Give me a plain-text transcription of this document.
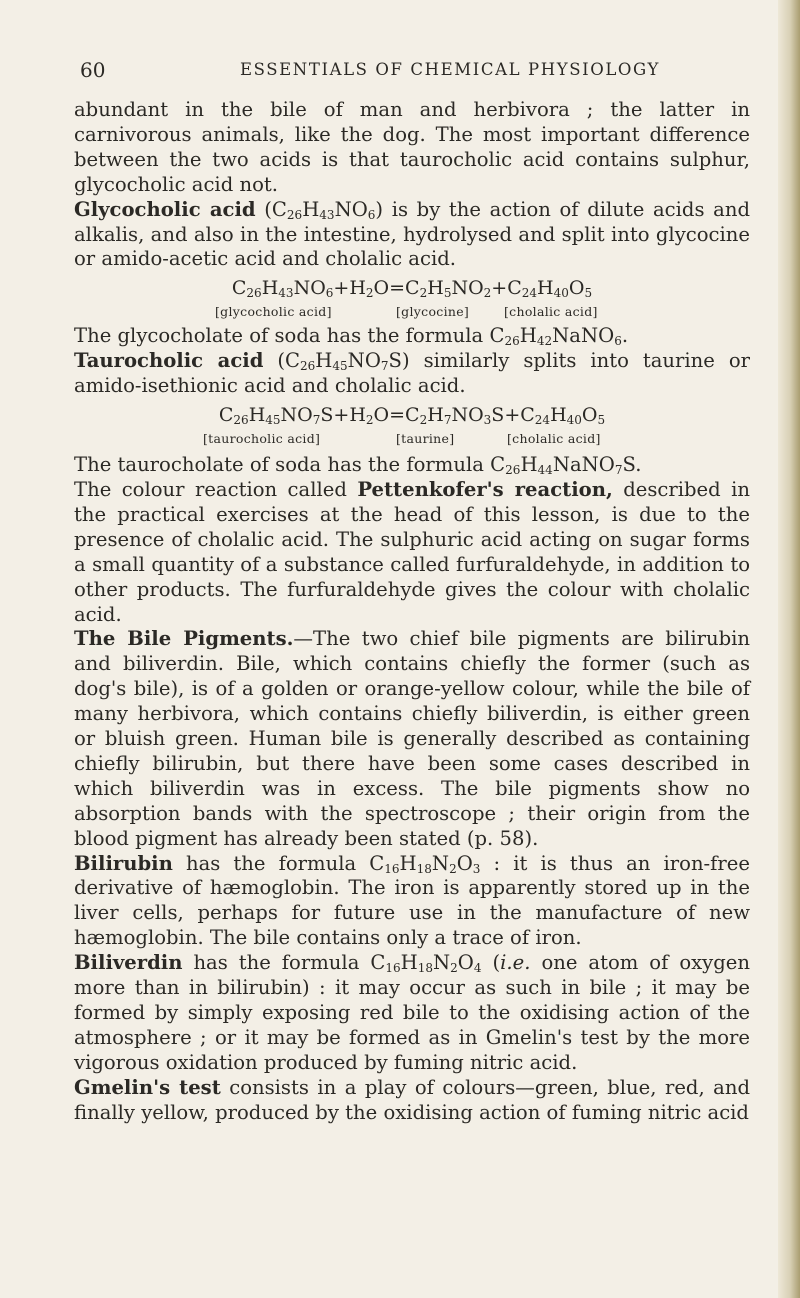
60	ESSENTIALS OF CHEMICAL PHYSIOLOGY

abundant in the bile of man and herbivora ; the latter in carnivorous animals, like the dog. The most important difference between the two acids is that taurocholic acid contains sulphur, glycocholic acid not.

Glycocholic acid $(C_{26}H_{43}NO_6)$ is by the action of dilute acids and alkalis, and also in the intestine, hydrolysed and split into glycocine or amido-acetic acid and cholalic acid.

$C_{26}H_{43}NO_6+H_2O=C_2H_5NO_2+C_{24}H_{40}O_5$
[glycocholic acid]	[glycocine]	[cholalic acid]

The glycocholate of soda has the formula $C_{26}H_{42}NaNO_6$.

Taurocholic acid $(C_{26}H_{45}NO_7S)$ similarly splits into taurine or amido-isethionic acid and cholalic acid.

$C_{26}H_{45}NO_7S+H_2O=C_2H_7NO_3S+C_{24}H_{40}O_5$
[taurocholic acid]	[taurine]	[cholalic acid]

The taurocholate of soda has the formula $C_{26}H_{44}NaNO_7S$.

The colour reaction called Pettenkofer's reaction, described in the practical exercises at the head of this lesson, is due to the presence of cholalic acid. The sulphuric acid acting on sugar forms a small quantity of a substance called furfuraldehyde, in addition to other products. The furfuraldehyde gives the colour with cholalic acid.

The Bile Pigments.—The two chief bile pigments are bilirubin and biliverdin. Bile, which contains chiefly the former (such as dog's bile), is of a golden or orange-yellow colour, while the bile of many herbivora, which contains chiefly biliverdin, is either green or bluish green. Human bile is generally described as containing chiefly bilirubin, but there have been some cases described in which biliverdin was in excess. The bile pigments show no absorption bands with the spectroscope ; their origin from the blood pigment has already been stated (p. 58).

Bilirubin has the formula $C_{16}H_{18}N_2O_3$ : it is thus an iron-free derivative of hæmoglobin. The iron is apparently stored up in the liver cells, perhaps for future use in the manufacture of new hæmoglobin. The bile contains only a trace of iron.

Biliverdin has the formula $C_{16}H_{18}N_2O_4$ (i.e. one atom of oxygen more than in bilirubin) : it may occur as such in bile ; it may be formed by simply exposing red bile to the oxidising action of the atmosphere ; or it may be formed as in Gmelin's test by the more vigorous oxidation produced by fuming nitric acid.

Gmelin's test consists in a play of colours—green, blue, red, and finally yellow, produced by the oxidising action of fuming nitric acid
